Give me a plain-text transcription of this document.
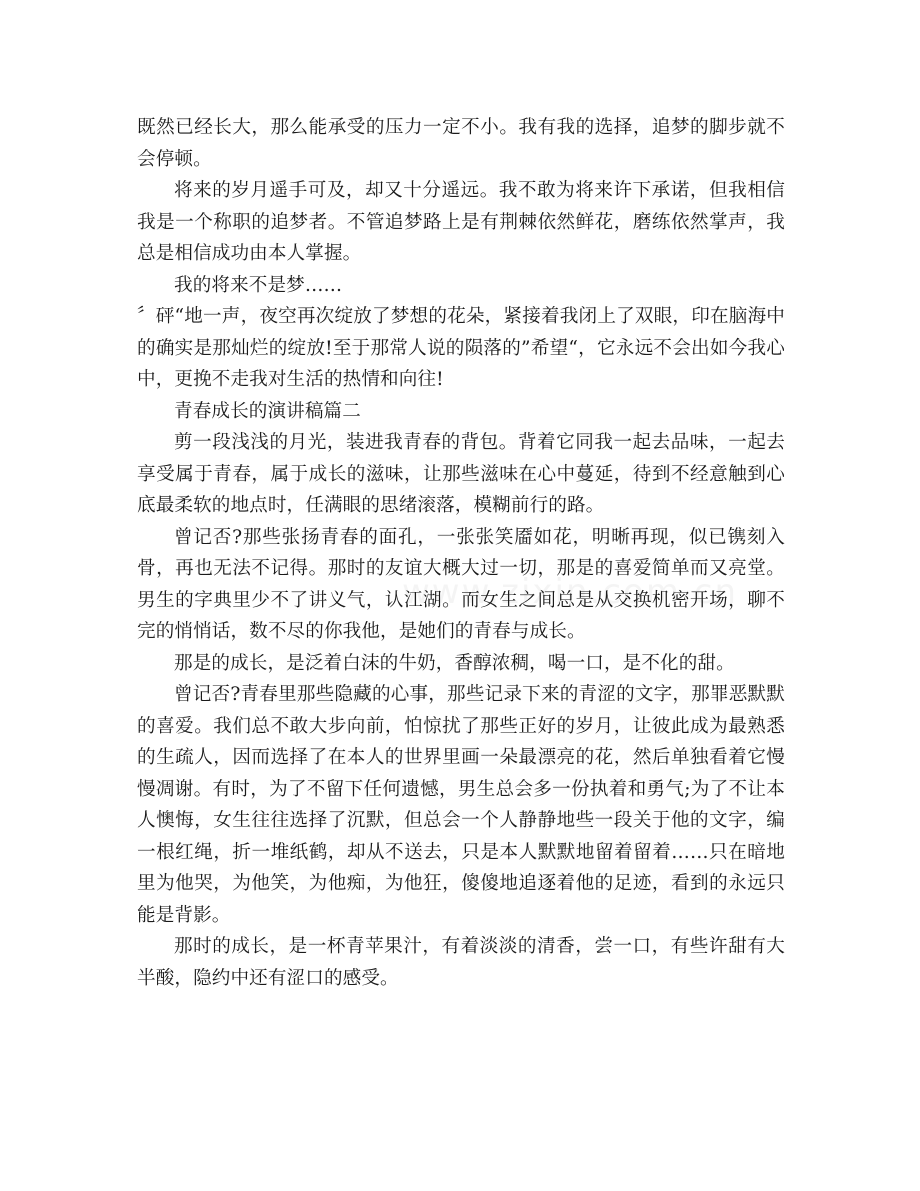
既然已经长大，那么能承受的压力一定不小。我有我的选择，追梦的脚步就不会停顿。

将来的岁月遥手可及，却又十分遥远。我不敢为将来许下承诺，但我相信我是一个称职的追梦者。不管追梦路上是有荆棘依然鲜花，磨练依然掌声，我总是相信成功由本人掌握。

我的将来不是梦……

〞砰“地一声，夜空再次绽放了梦想的花朵，紧接着我闭上了双眼，印在脑海中的确实是那灿烂的绽放!至于那常人说的陨落的”希望“，它永远不会出如今我心中，更挽不走我对生活的热情和向往!

青春成长的演讲稿篇二

剪一段浅浅的月光，装进我青春的背包。背着它同我一起去品味，一起去享受属于青春，属于成长的滋味，让那些滋味在心中蔓延，待到不经意触到心底最柔软的地点时，任满眼的思绪滚落，模糊前行的路。

曾记否?那些张扬青春的面孔，一张张笑靥如花，明晰再现，似已镌刻入骨，再也无法不记得。那时的友谊大概大过一切，那是的喜爱简单而又亮堂。男生的字典里少不了讲义气，认江湖。而女生之间总是从交换机密开场，聊不完的悄悄话，数不尽的你我他，是她们的青春与成长。

那是的成长，是泛着白沫的牛奶，香醇浓稠，喝一口，是不化的甜。

曾记否?青春里那些隐藏的心事，那些记录下来的青涩的文字，那罪恶默默的喜爱。我们总不敢大步向前，怕惊扰了那些正好的岁月，让彼此成为最熟悉的生疏人，因而选择了在本人的世界里画一朵最漂亮的花，然后单独看着它慢慢凋谢。有时，为了不留下任何遗憾，男生总会多一份执着和勇气;为了不让本人懊悔，女生往往选择了沉默，但总会一个人静静地些一段关于他的文字，编一根红绳，折一堆纸鹤，却从不送去，只是本人默默地留着留着……只在暗地里为他哭，为他笑，为他痴，为他狂，傻傻地追逐着他的足迹，看到的永远只能是背影。

那时的成长，是一杯青苹果汁，有着淡淡的清香，尝一口，有些许甜有大半酸，隐约中还有涩口的感受。
